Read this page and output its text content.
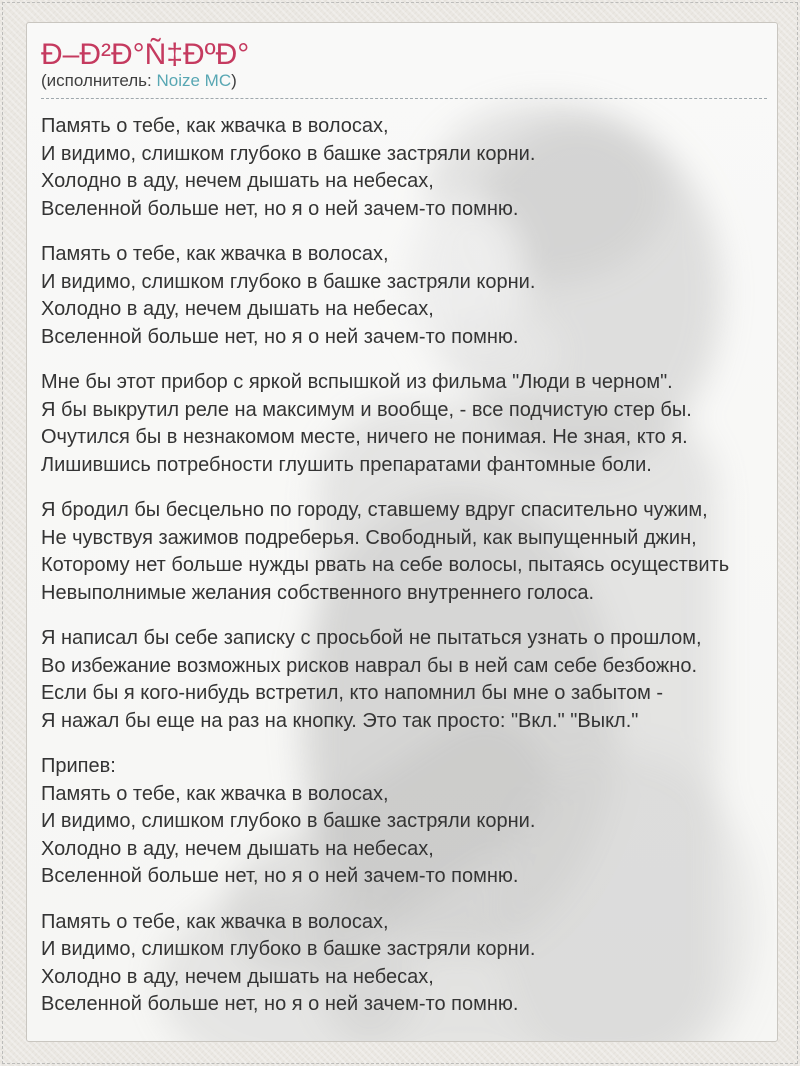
Ð–Ð²Ð°Ñ‡ÐºÐ°
(исполнитель: Noize MC)

Память о тебе, как жвачка в волосах,
И видимо, слишком глубоко в башке застряли корни.
Холодно в аду, нечем дышать на небесах,
Вселенной больше нет, но я о ней зачем-то помню.

Память о тебе, как жвачка в волосах,
И видимо, слишком глубоко в башке застряли корни.
Холодно в аду, нечем дышать на небесах,
Вселенной больше нет, но я о ней зачем-то помню.

Мне бы этот прибор с яркой вспышкой из фильма "Люди в черном".
Я бы выкрутил реле на максимум и вообще, - все подчистую стер бы.
Очутился бы в незнакомом месте, ничего не понимая. Не зная, кто я.
Лишившись потребности глушить препаратами фантомные боли.

Я бродил бы бесцельно по городу, ставшему вдруг спасительно чужим,
Не чувствуя зажимов подреберья. Свободный, как выпущенный джин,
Которому нет больше нужды рвать на себе волосы, пытаясь осуществить
Невыполнимые желания собственного внутреннего голоса.

Я написал бы себе записку с просьбой не пытаться узнать о прошлом,
Во избежание возможных рисков наврал бы в ней сам себе безбожно.
Если бы я кого-нибудь встретил, кто напомнил бы мне о забытом -
Я нажал бы еще на раз на кнопку. Это так просто: "Вкл." "Выкл."

Припев:
Память о тебе, как жвачка в волосах,
И видимо, слишком глубоко в башке застряли корни.
Холодно в аду, нечем дышать на небесах,
Вселенной больше нет, но я о ней зачем-то помню.

Память о тебе, как жвачка в волосах,
И видимо, слишком глубоко в башке застряли корни.
Холодно в аду, нечем дышать на небесах,
Вселенной больше нет, но я о ней зачем-то помню.
